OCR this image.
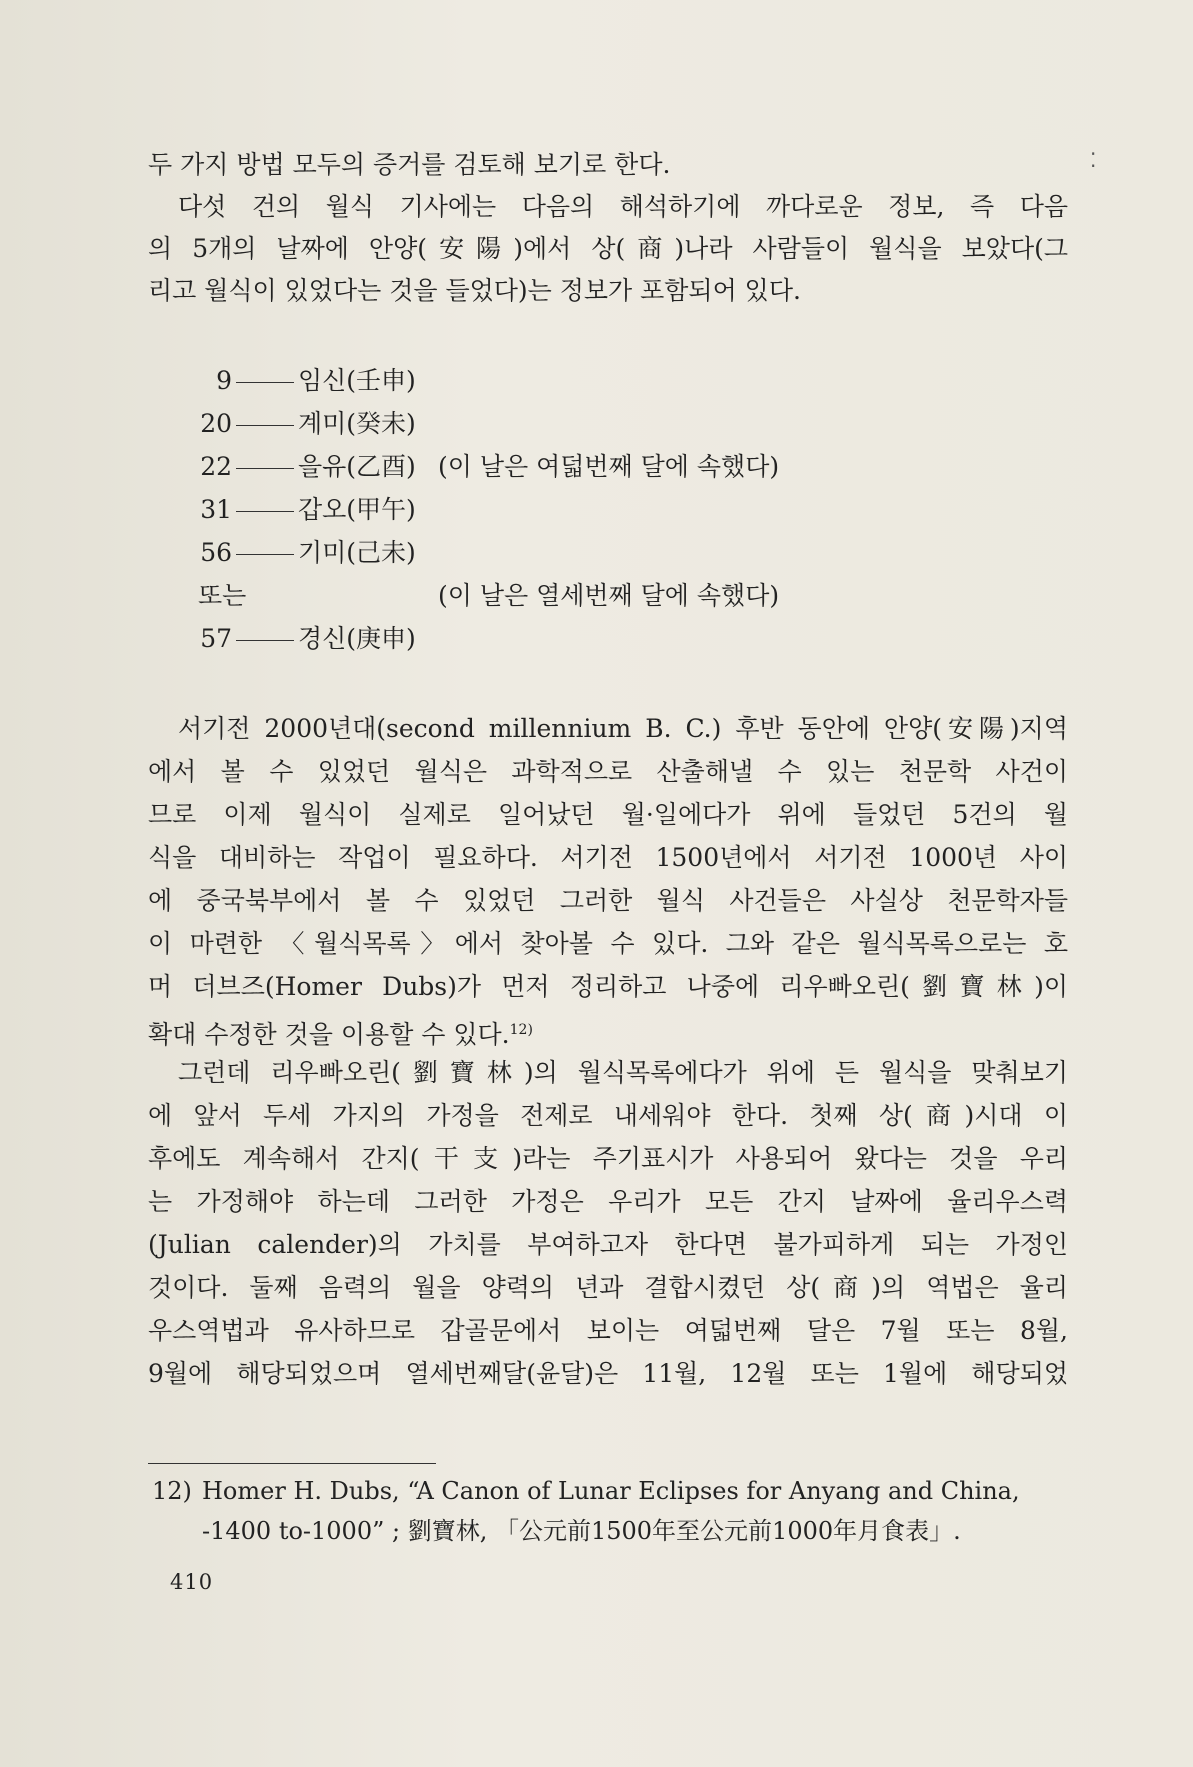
⁚
두 가지 방법 모두의 증거를 검토해 보기로 한다.
다섯 건의 월식 기사에는 다음의 해석하기에 까다로운 정보, 즉 다음
의 5개의 날짜에 안양(安陽)에서 상(商)나라 사람들이 월식을 보았다(그
리고 월식이 있었다는 것을 들었다)는 정보가 포함되어 있다.
9	임신(壬申)
20	계미(癸未)
22	을유(乙酉) (이 날은 여덟번째 달에 속했다)
31	갑오(甲午)
56	기미(己未)
또는	(이 날은 열세번째 달에 속했다)
57	경신(庚申)
서기전 2000년대(second millennium B. C.) 후반 동안에 안양(安陽)지역
에서 볼 수 있었던 월식은 과학적으로 산출해낼 수 있는 천문학 사건이
므로 이제 월식이 실제로 일어났던 월·일에다가 위에 들었던 5건의 월
식을 대비하는 작업이 필요하다. 서기전 1500년에서 서기전 1000년 사이
에 중국북부에서 볼 수 있었던 그러한 월식 사건들은 사실상 천문학자들
이 마련한 〈월식목록〉에서 찾아볼 수 있다. 그와 같은 월식목록으로는 호
머 더브즈(Homer Dubs)가 먼저 정리하고 나중에 리우빠오린(劉寶林)이
확대 수정한 것을 이용할 수 있다.$^{12)}$
그런데 리우빠오린(劉寶林)의 월식목록에다가 위에 든 월식을 맞춰보기
에 앞서 두세 가지의 가정을 전제로 내세워야 한다. 첫째 상(商)시대 이
후에도 계속해서 간지(干支)라는 주기표시가 사용되어 왔다는 것을 우리
는 가정해야 하는데 그러한 가정은 우리가 모든 간지 날짜에 율리우스력
(Julian calender)의 가치를 부여하고자 한다면 불가피하게 되는 가정인
것이다. 둘째 음력의 월을 양력의 년과 결합시켰던 상(商)의 역법은 율리
우스역법과 유사하므로 갑골문에서 보이는 여덟번째 달은 7월 또는 8월,
9월에 해당되었으며 열세번째달(윤달)은 11월, 12월 또는 1월에 해당되었
12) Homer H. Dubs, “A Canon of Lunar Eclipses for Anyang and China,
-1400 to-1000” ; 劉寶林, 「公元前1500年至公元前1000年月食表」.
410
